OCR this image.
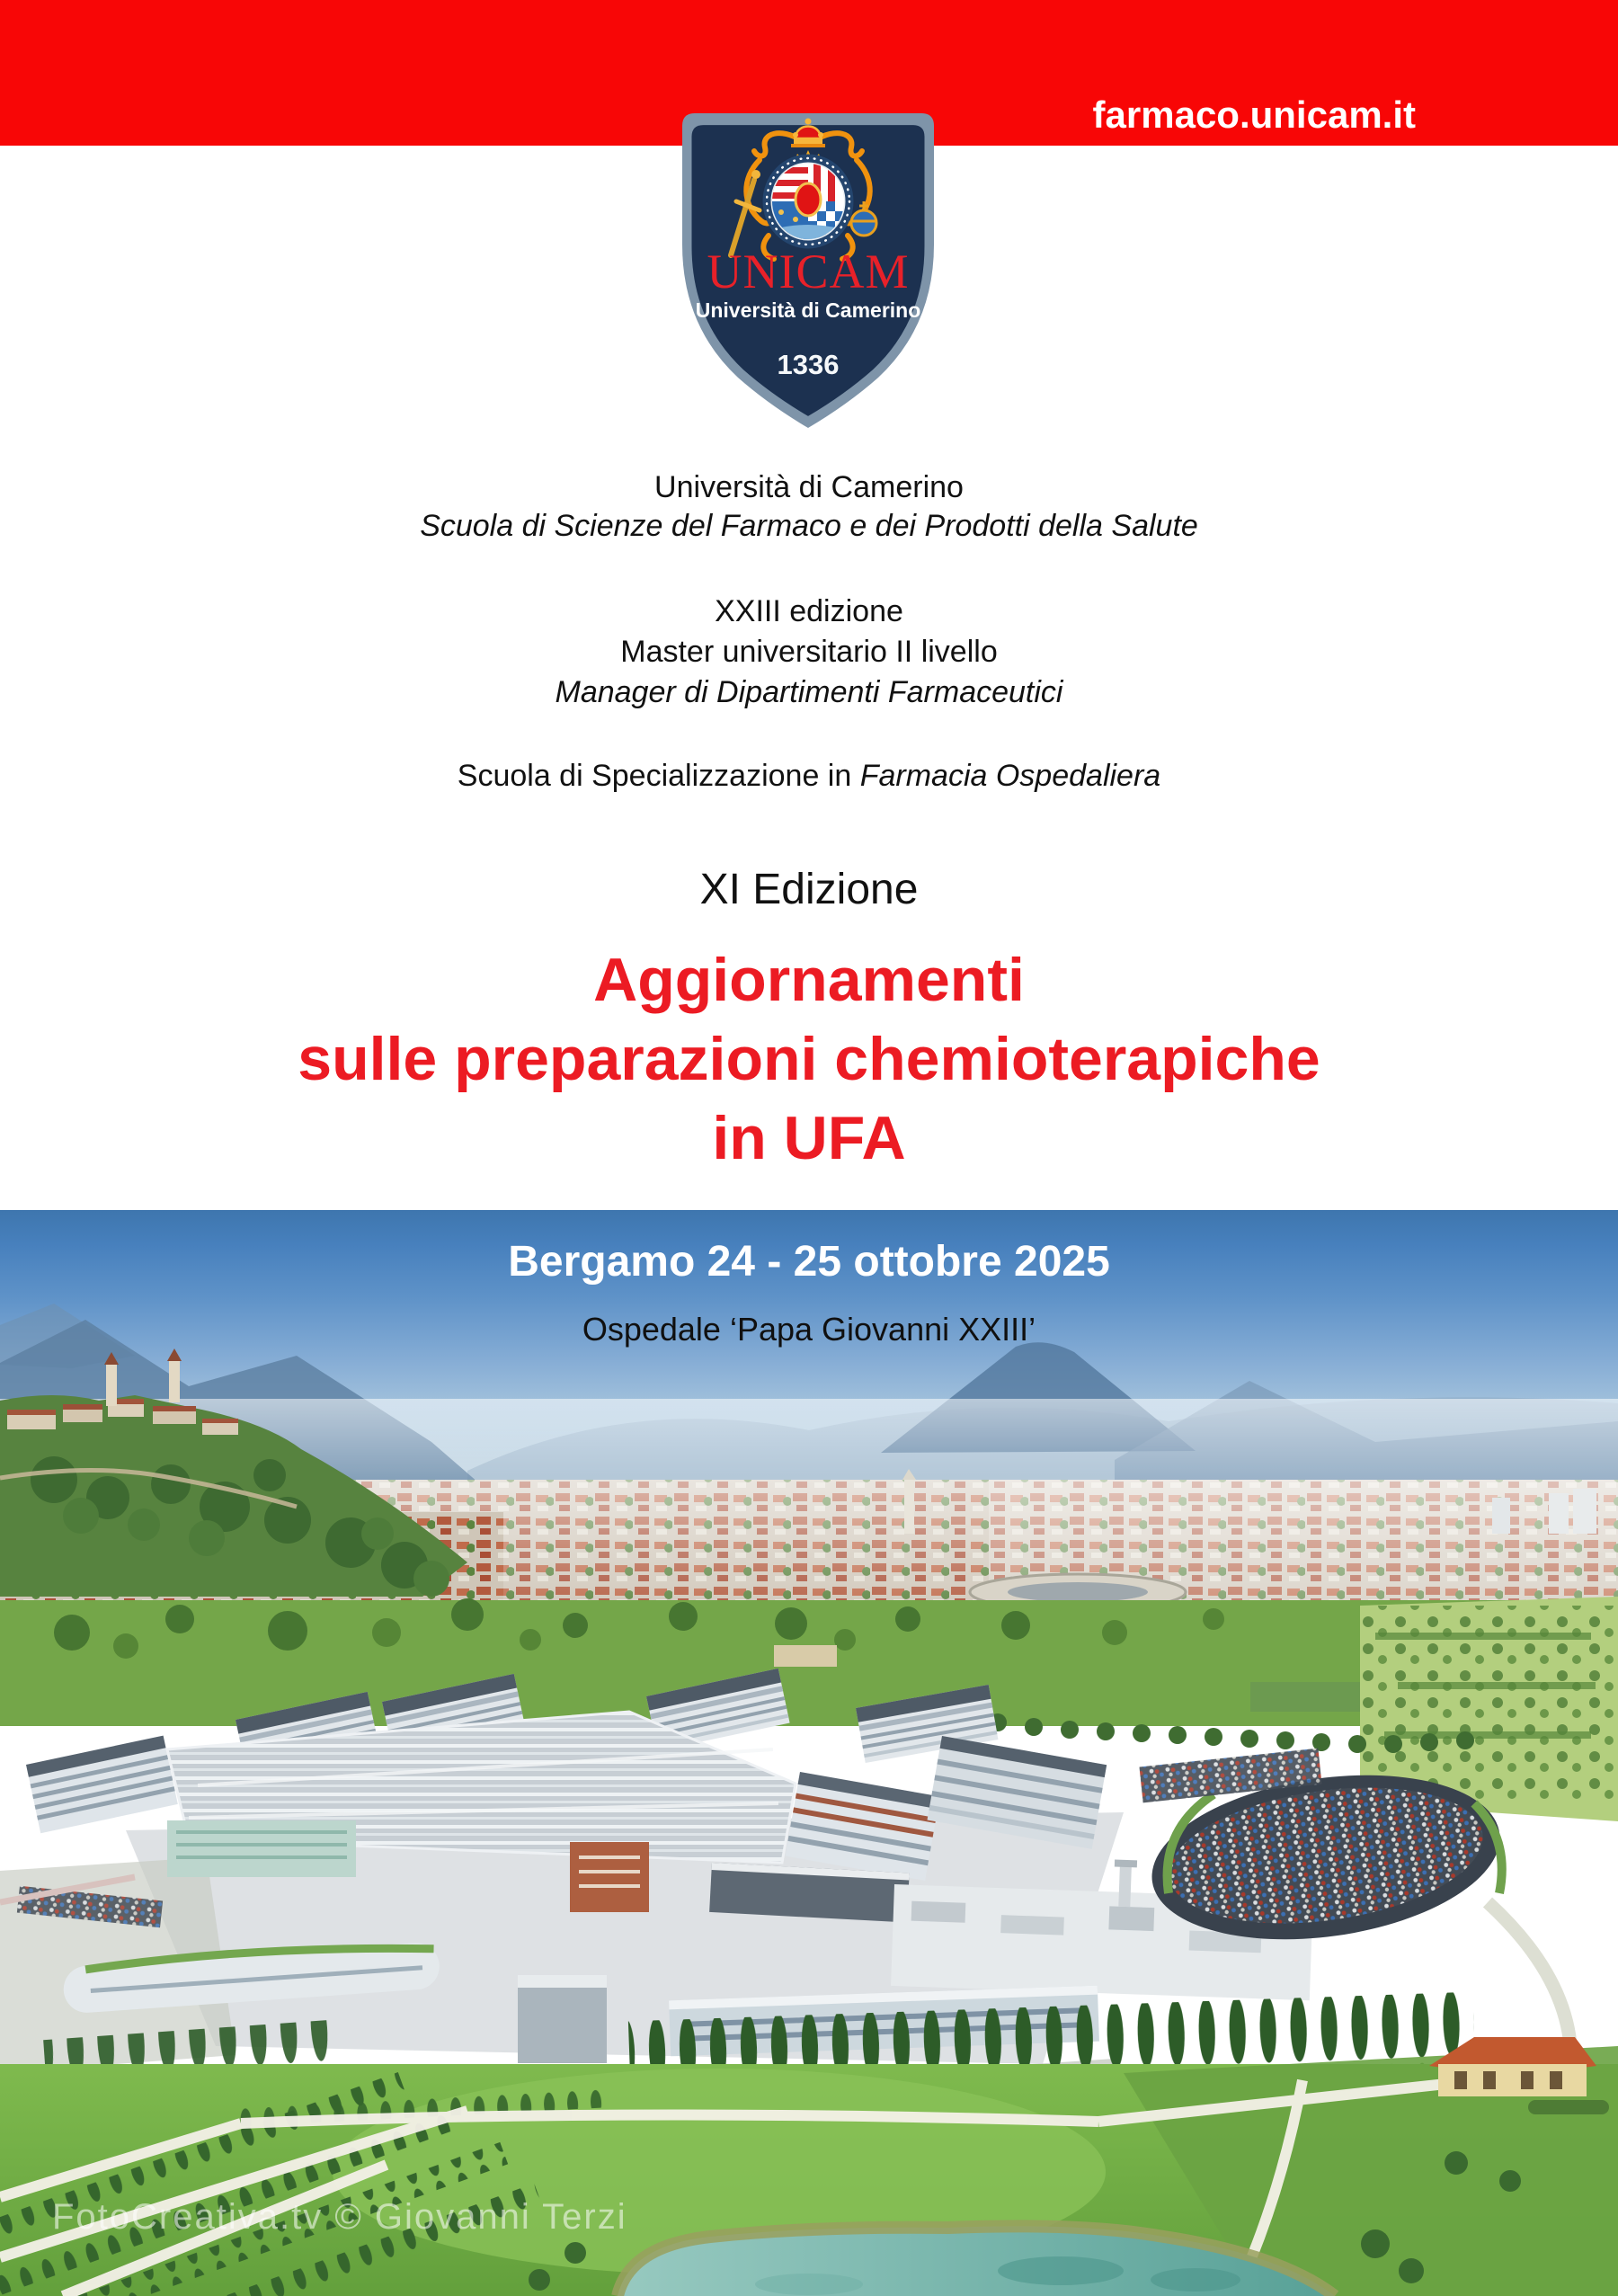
farmaco.unicam.it
UNICAM
Università di Camerino
1336
Università di Camerino
Scuola di Scienze del Farmaco e dei Prodotti della Salute
XXIII edizione
Master universitario II livello
Manager di Dipartimenti Farmaceutici
Scuola di Specializzazione in Farmacia Ospedaliera
XI Edizione
Aggiornamenti
sulle preparazioni chemioterapiche
in UFA
Bergamo 24 - 25 ottobre 2025
Ospedale ‘Papa Giovanni XXIII’
FotoCreativa.tv © Giovanni Terzi
